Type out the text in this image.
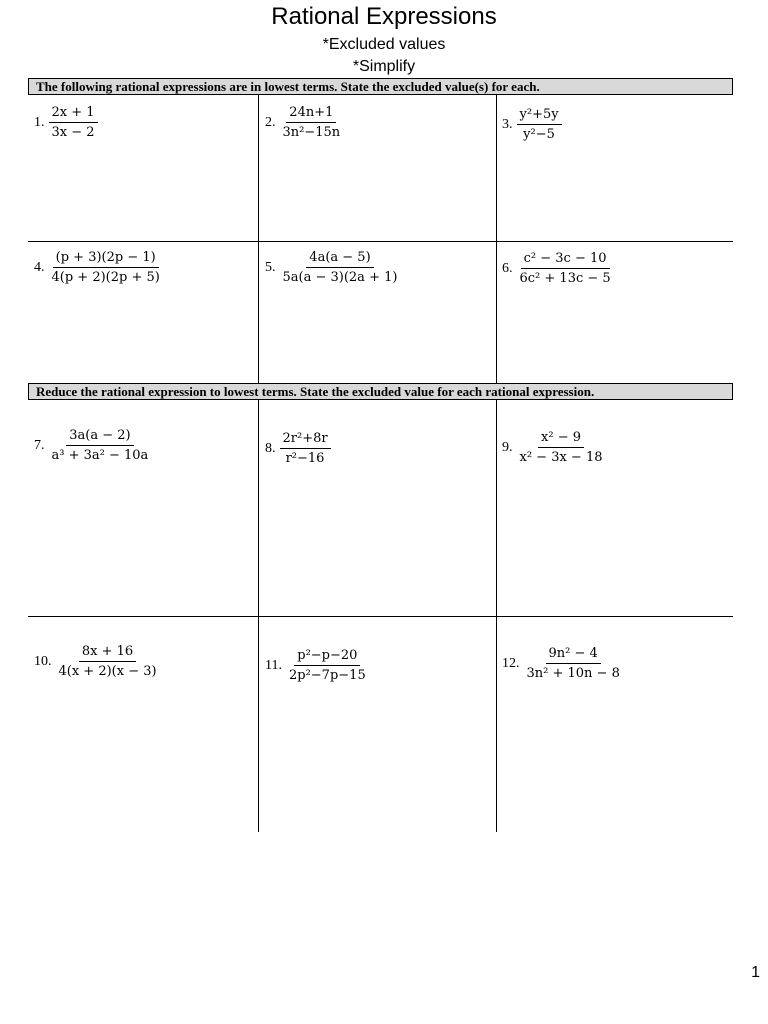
Rational Expressions
*Excluded values
*Simplify
The following rational expressions are in lowest terms. State the excluded value(s) for each.
1. $\frac{2x + 1}{3x - 2}$	2. $\frac{24n+1}{\text{3n²−15n}}$	3. $\frac{\text{y²+5y}}{\text{y²−5}}$
4. $\frac{(p + 3)(2p - 1)}{4(p + 2)(2p + 5)}$	5. $\frac{4a(a - 5)}{5a(a - 3)(2a + 1)}$	6. $\frac{\text{c² − 3c − 10}}{\text{6c² + 13c − 5}}$
Reduce the rational expression to lowest terms. State the excluded value for each rational expression.
7. $\frac{3a(a - 2)}{\text{a³ + 3a² − 10a}}$	8. $\frac{\text{2r²+8r}}{\text{r²−16}}$	9. $\frac{\text{x² − 9}}{\text{x² − 3x − 18}}$
10. $\frac{8x + 16}{4(x + 2)(x - 3)}$	11. $\frac{\text{p²−p−20}}{\text{2p²−7p−15}}$	12. $\frac{\text{9n² − 4}}{\text{3n² + 10n − 8}}$
1
